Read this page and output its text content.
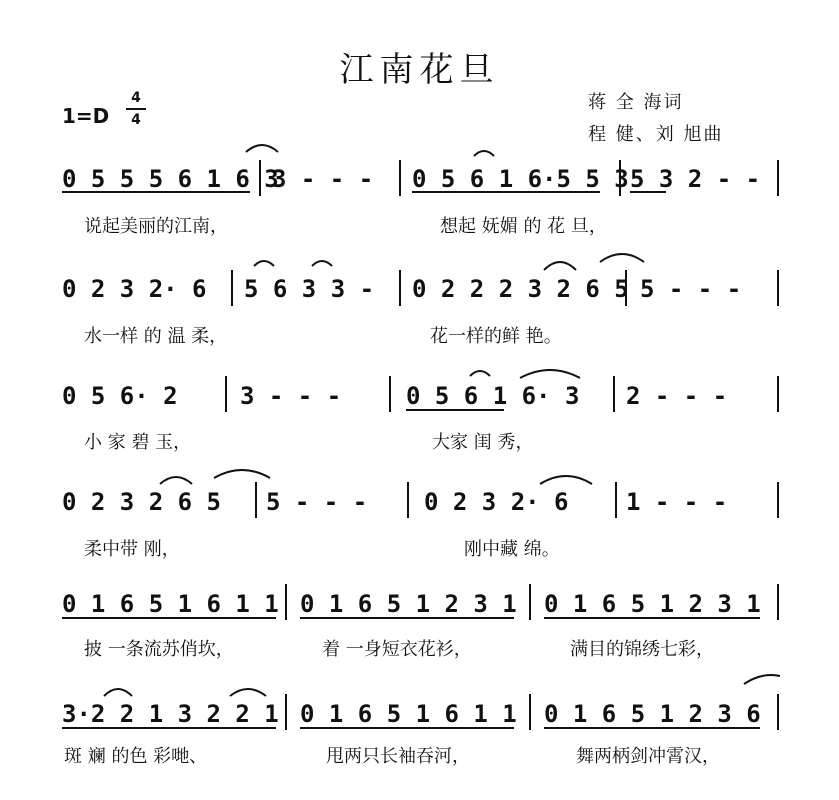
江南花旦
1=D
4
4
蒋 全 海词
程 健、刘 旭曲
0 5 5 5 6 1 6 3
3 - - - 0 5 6 1 6·5 5 3 5 3 2 - -
说起美丽的江南，	想起 妩媚 的 花 旦，
0 2 3 2· 6 5 6 3 3 - 0 2 2 2 3 2 6 5 5 - - -
水一样 的 温 柔，	花一样的鲜 艳。
0 5 6· 2	3 - - -	0 5 6 1 6· 3 2 - - -
小 家 碧 玉，	大家 闺 秀，
0 2 3 2 6 5 5 - - - 0 2 3 2· 6 1 - - -
柔中带 刚，	刚中藏 绵。
0 1 6 5 1 6 1 1 0 1 6 5 1 2 3 1 0 1 6 5 1 2 3 1
披 一条流苏俏坎，	着 一身短衣花衫，	满目的锦绣七彩，
3·2 2 1 3 2 2 1 0 1 6 5 1 6 1 1 0 1 6 5 1 2 3 6
斑 斓 的色 彩哋、	甩两只长袖吞河，	舞两柄剑冲霄汉，
